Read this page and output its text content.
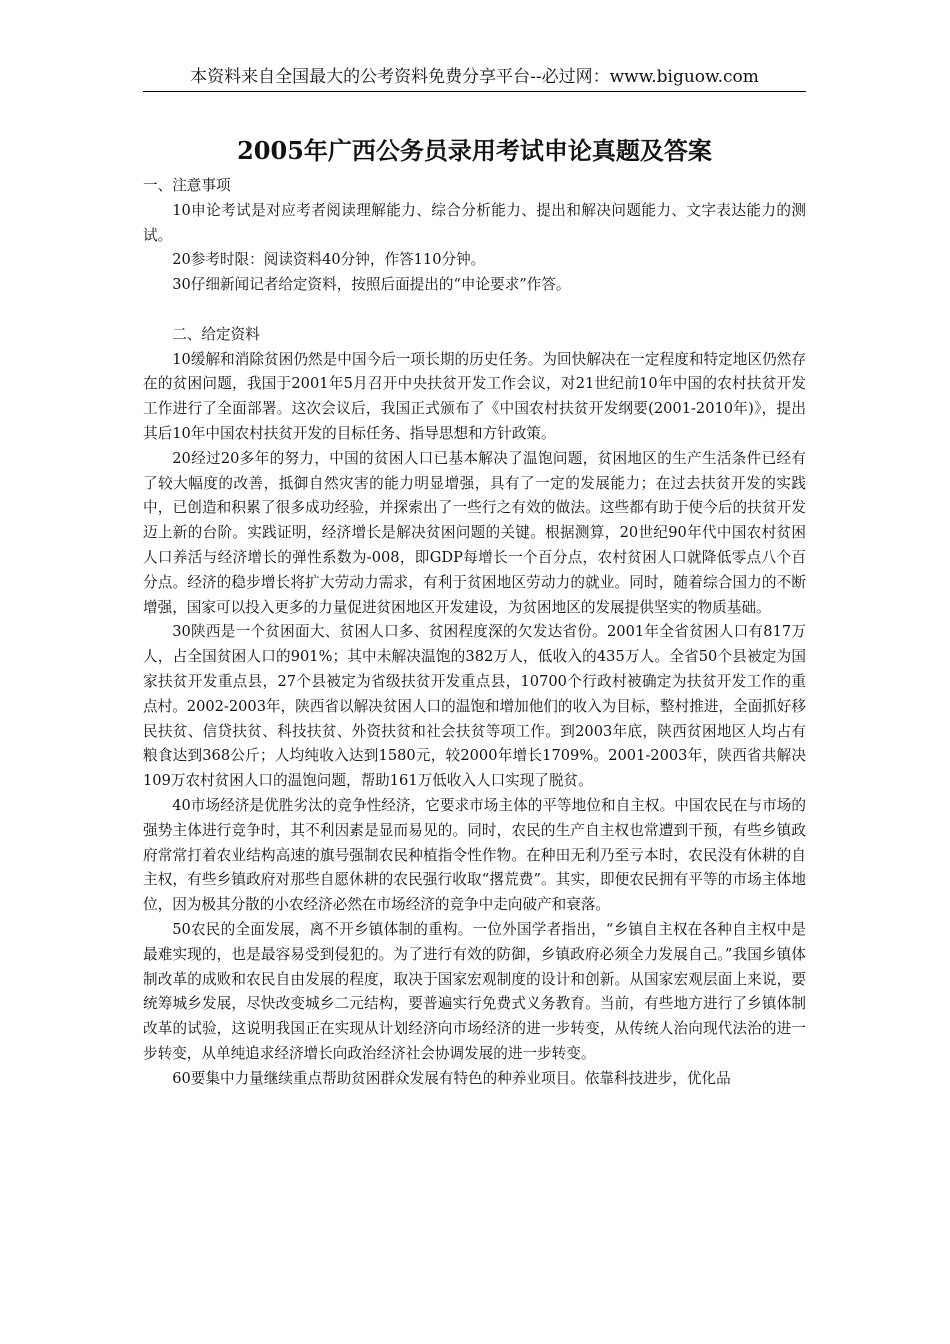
本资料来自全国最大的公考资料免费分享平台--必过网：www.biguow.com
2005年广西公务员录用考试申论真题及答案

一、注意事项

10申论考试是对应考者阅读理解能力、综合分析能力、提出和解决问题能力、文字表达能力的测试。

20参考时限：阅读资料40分钟，作答110分钟。

30仔细新闻记者给定资料，按照后面提出的“申论要求”作答。

二、给定资料

10缓解和消除贫困仍然是中国今后一项长期的历史任务。为回快解决在一定程度和特定地区仍然存在的贫困问题，我国于2001年5月召开中央扶贫开发工作会议，对21世纪前10年中国的农村扶贫开发工作进行了全面部署。这次会议后，我国正式颁布了《中国农村扶贫开发纲要(2001-2010年)》，提出其后10年中国农村扶贫开发的目标任务、指导思想和方针政策。

20经过20多年的努力，中国的贫困人口已基本解决了温饱问题，贫困地区的生产生活条件已经有了较大幅度的改善，抵御自然灾害的能力明显增强，具有了一定的发展能力；在过去扶贫开发的实践中，已创造和积累了很多成功经验，并探索出了一些行之有效的做法。这些都有助于使今后的扶贫开发迈上新的台阶。实践证明，经济增长是解决贫困问题的关键。根据测算，20世纪90年代中国农村贫困人口养活与经济增长的弹性系数为-008，即GDP每增长一个百分点，农村贫困人口就降低零点八个百分点。经济的稳步增长将扩大劳动力需求，有利于贫困地区劳动力的就业。同时，随着综合国力的不断增强，国家可以投入更多的力量促进贫困地区开发建设，为贫困地区的发展提供坚实的物质基础。

30陕西是一个贫困面大、贫困人口多、贫困程度深的欠发达省份。2001年全省贫困人口有817万人，占全国贫困人口的901%；其中未解决温饱的382万人，低收入的435万人。全省50个县被定为国家扶贫开发重点县，27个县被定为省级扶贫开发重点县，10700个行政村被确定为扶贫开发工作的重点村。2002-2003年，陕西省以解决贫困人口的温饱和增加他们的收入为目标，整村推进，全面抓好移民扶贫、信贷扶贫、科技扶贫、外资扶贫和社会扶贫等项工作。到2003年底，陕西贫困地区人均占有粮食达到368公斤；人均纯收入达到1580元，较2000年增长1709%。2001-2003年，陕西省共解决109万农村贫困人口的温饱问题，帮助161万低收入人口实现了脱贫。

40市场经济是优胜劣汰的竞争性经济，它要求市场主体的平等地位和自主权。中国农民在与市场的强势主体进行竞争时，其不利因素是显而易见的。同时，农民的生产自主权也常遭到干预，有些乡镇政府常常打着农业结构高速的旗号强制农民种植指令性作物。在种田无利乃至亏本时，农民没有休耕的自主权，有些乡镇政府对那些自愿休耕的农民强行收取“撂荒费”。其实，即便农民拥有平等的市场主体地位，因为极其分散的小农经济必然在市场经济的竞争中走向破产和衰落。

50农民的全面发展，离不开乡镇体制的重构。一位外国学者指出，“乡镇自主权在各种自主权中是最难实现的，也是最容易受到侵犯的。为了进行有效的防御，乡镇政府必须全力发展自己。”我国乡镇体制改革的成败和农民自由发展的程度，取决于国家宏观制度的设计和创新。从国家宏观层面上来说，要统筹城乡发展，尽快改变城乡二元结构，要普遍实行免费式义务教育。当前，有些地方进行了乡镇体制改革的试验，这说明我国正在实现从计划经济向市场经济的进一步转变，从传统人治向现代法治的进一步转变，从单纯追求经济增长向政治经济社会协调发展的进一步转变。

60要集中力量继续重点帮助贫困群众发展有特色的种养业项目。依靠科技进步，优化品
